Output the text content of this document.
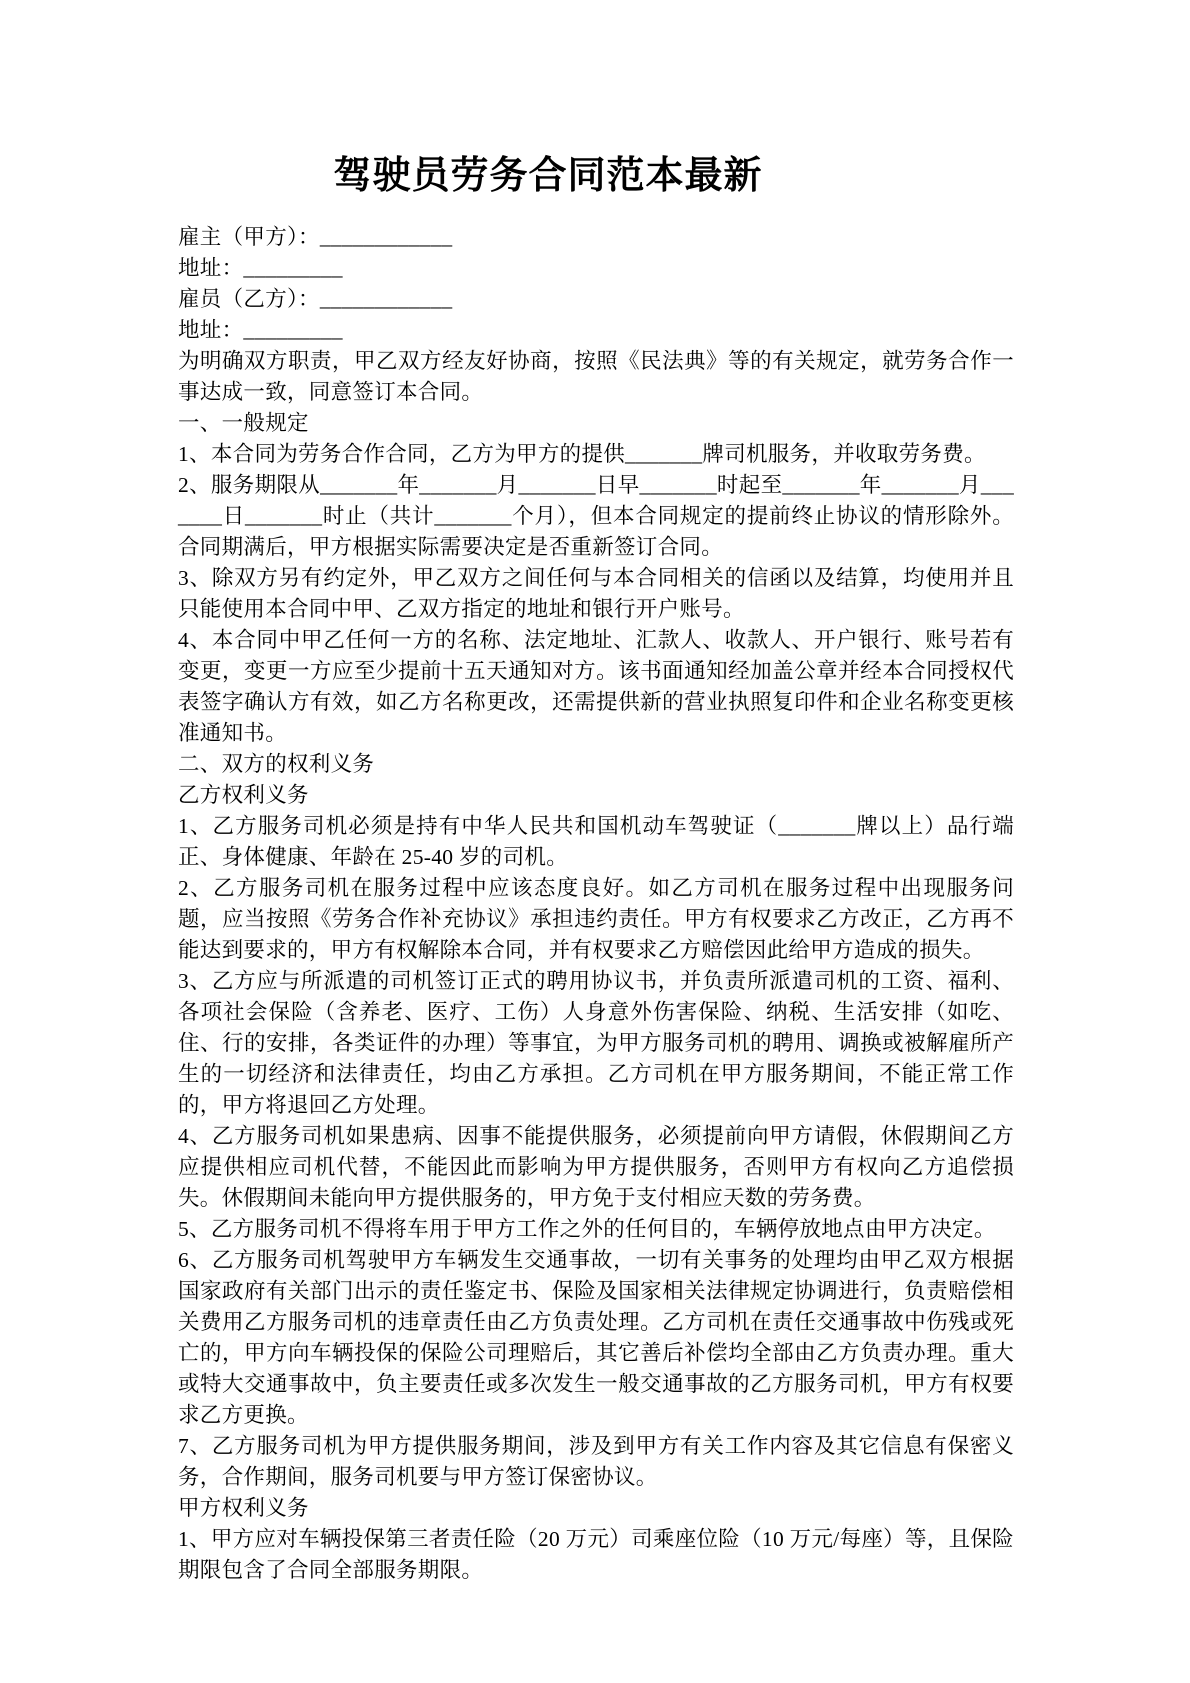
驾驶员劳务合同范本最新

雇主（甲方）：____________

地址：_________

雇员（乙方）：____________

地址：_________

为明确双方职责，甲乙双方经友好协商，按照《民法典》等的有关规定，就劳务合作一事达成一致，同意签订本合同。

一、一般规定

1、本合同为劳务合作合同，乙方为甲方的提供_______牌司机服务，并收取劳务费。

2、服务期限从_______年_______月_______日早_______时起至_______年_______月_______日_______时止（共计_______个月），但本合同规定的提前终止协议的情形除外。合同期满后，甲方根据实际需要决定是否重新签订合同。

3、除双方另有约定外，甲乙双方之间任何与本合同相关的信函以及结算，均使用并且只能使用本合同中甲、乙双方指定的地址和银行开户账号。

4、本合同中甲乙任何一方的名称、法定地址、汇款人、收款人、开户银行、账号若有变更，变更一方应至少提前十五天通知对方。该书面通知经加盖公章并经本合同授权代表签字确认方有效，如乙方名称更改，还需提供新的营业执照复印件和企业名称变更核准通知书。

二、双方的权利义务

乙方权利义务

1、乙方服务司机必须是持有中华人民共和国机动车驾驶证（_______牌以上）品行端正、身体健康、年龄在 25-40 岁的司机。

2、乙方服务司机在服务过程中应该态度良好。如乙方司机在服务过程中出现服务问题，应当按照《劳务合作补充协议》承担违约责任。甲方有权要求乙方改正，乙方再不能达到要求的，甲方有权解除本合同，并有权要求乙方赔偿因此给甲方造成的损失。

3、乙方应与所派遣的司机签订正式的聘用协议书，并负责所派遣司机的工资、福利、各项社会保险（含养老、医疗、工伤）人身意外伤害保险、纳税、生活安排（如吃、住、行的安排，各类证件的办理）等事宜，为甲方服务司机的聘用、调换或被解雇所产生的一切经济和法律责任，均由乙方承担。乙方司机在甲方服务期间，不能正常工作的，甲方将退回乙方处理。

4、乙方服务司机如果患病、因事不能提供服务，必须提前向甲方请假，休假期间乙方应提供相应司机代替，不能因此而影响为甲方提供服务，否则甲方有权向乙方追偿损失。休假期间未能向甲方提供服务的，甲方免于支付相应天数的劳务费。

5、乙方服务司机不得将车用于甲方工作之外的任何目的，车辆停放地点由甲方决定。

6、乙方服务司机驾驶甲方车辆发生交通事故，一切有关事务的处理均由甲乙双方根据国家政府有关部门出示的责任鉴定书、保险及国家相关法律规定协调进行，负责赔偿相关费用乙方服务司机的违章责任由乙方负责处理。乙方司机在责任交通事故中伤残或死亡的，甲方向车辆投保的保险公司理赔后，其它善后补偿均全部由乙方负责办理。重大或特大交通事故中，负主要责任或多次发生一般交通事故的乙方服务司机，甲方有权要求乙方更换。

7、乙方服务司机为甲方提供服务期间，涉及到甲方有关工作内容及其它信息有保密义务，合作期间，服务司机要与甲方签订保密协议。

甲方权利义务

1、甲方应对车辆投保第三者责任险（20 万元）司乘座位险（10 万元/每座）等，且保险期限包含了合同全部服务期限。
